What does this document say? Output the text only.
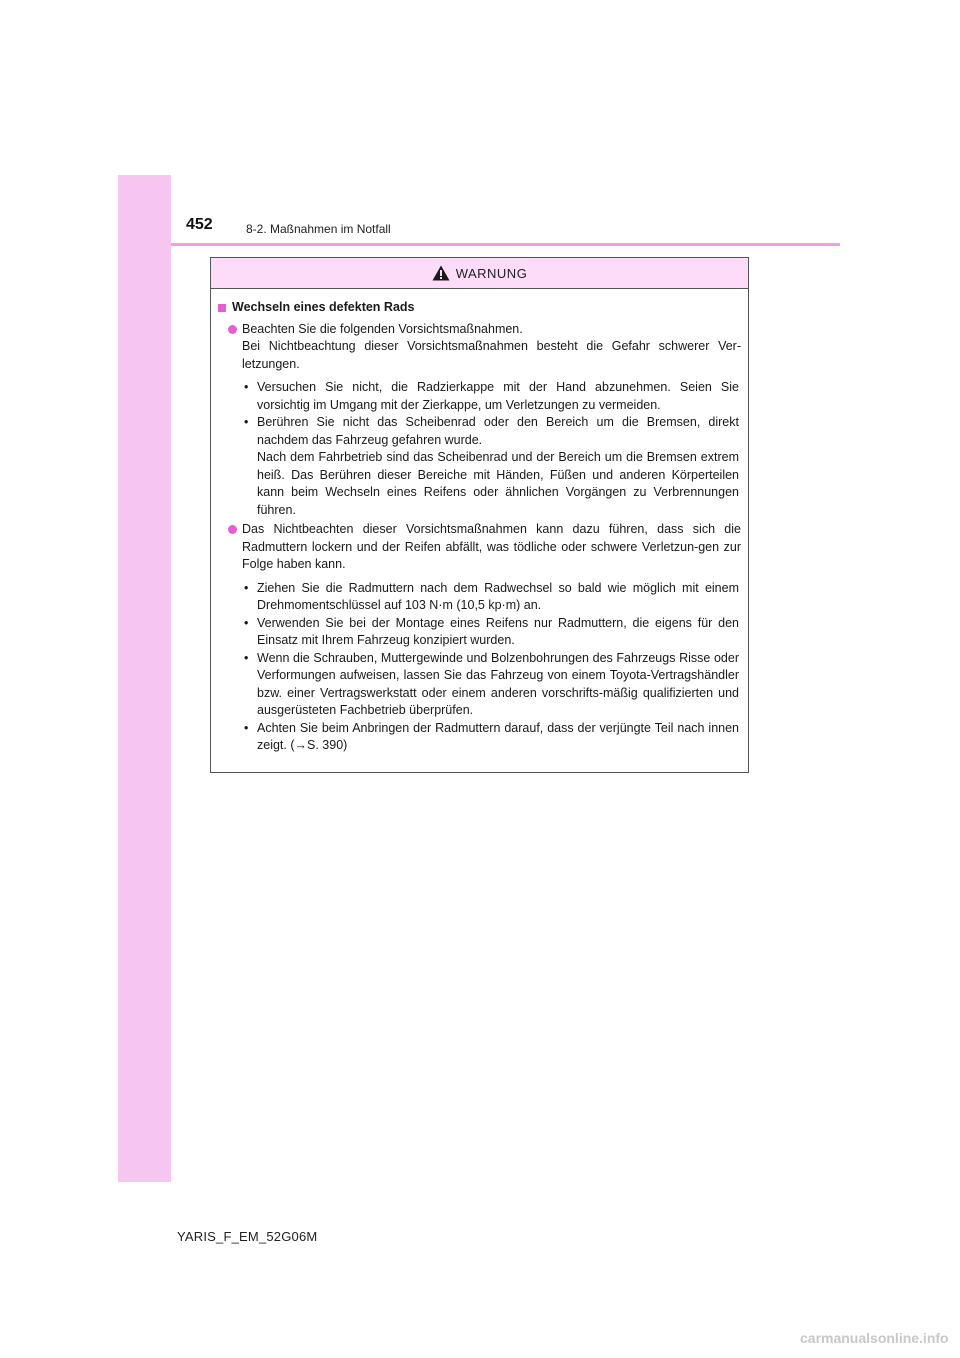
452	8-2. Maßnahmen im Notfall
WARNUNG
Wechseln eines defekten Rads
Beachten Sie die folgenden Vorsichtsmaßnahmen.
Bei Nichtbeachtung dieser Vorsichtsmaßnahmen besteht die Gefahr schwerer Ver-letzungen.
• Versuchen Sie nicht, die Radzierkappe mit der Hand abzunehmen. Seien Sie vorsichtig im Umgang mit der Zierkappe, um Verletzungen zu vermeiden.
• Berühren Sie nicht das Scheibenrad oder den Bereich um die Bremsen, direkt nachdem das Fahrzeug gefahren wurde.
Nach dem Fahrbetrieb sind das Scheibenrad und der Bereich um die Bremsen extrem heiß. Das Berühren dieser Bereiche mit Händen, Füßen und anderen Körperteilen kann beim Wechseln eines Reifens oder ähnlichen Vorgängen zu Verbrennungen führen.
Das Nichtbeachten dieser Vorsichtsmaßnahmen kann dazu führen, dass sich die Radmuttern lockern und der Reifen abfällt, was tödliche oder schwere Verletzun-gen zur Folge haben kann.
• Ziehen Sie die Radmuttern nach dem Radwechsel so bald wie möglich mit einem Drehmomentschlüssel auf 103 N·m (10,5 kp·m) an.
• Verwenden Sie bei der Montage eines Reifens nur Radmuttern, die eigens für den Einsatz mit Ihrem Fahrzeug konzipiert wurden.
• Wenn die Schrauben, Muttergewinde und Bolzenbohrungen des Fahrzeugs Risse oder Verformungen aufweisen, lassen Sie das Fahrzeug von einem Toyota-Vertragshändler bzw. einer Vertragswerkstatt oder einem anderen vorschrifts-mäßig qualifizierten und ausgerüsteten Fachbetrieb überprüfen.
• Achten Sie beim Anbringen der Radmuttern darauf, dass der verjüngte Teil nach innen zeigt. (→S. 390)
YARIS_F_EM_52G06M
carmanualsonline.info
